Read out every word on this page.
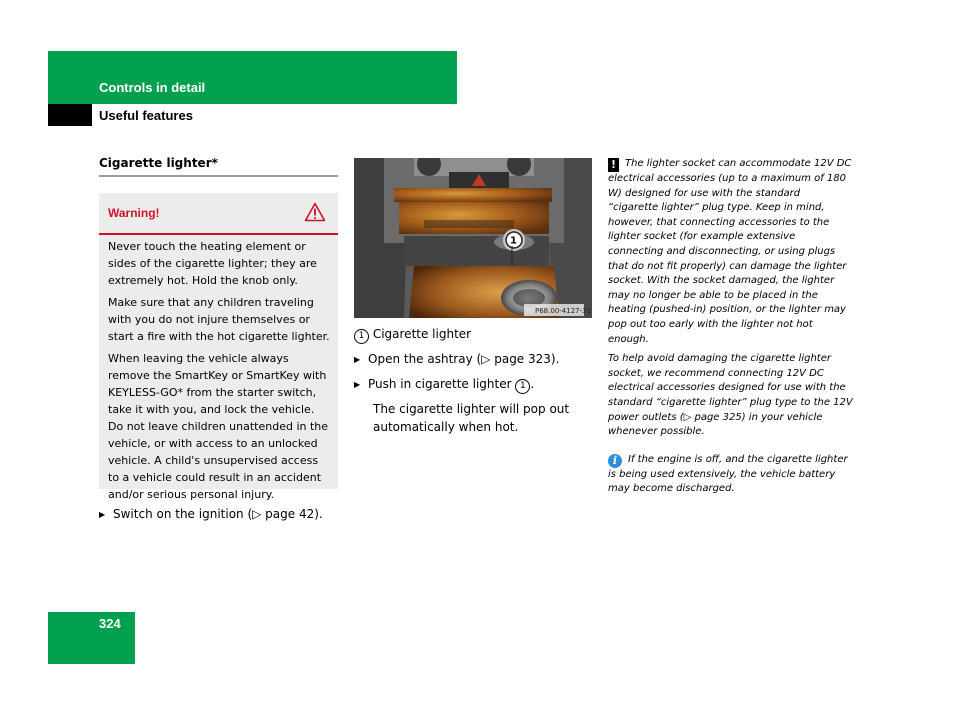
Controls in detail
Useful features
Cigarette lighter*
Warning!

Never touch the heating element or sides of the cigarette lighter; they are extremely hot. Hold the knob only.

Make sure that any children traveling with you do not injure themselves or start a fire with the hot cigarette lighter.

When leaving the vehicle always remove the SmartKey or SmartKey with KEYLESS-GO* from the starter switch, take it with you, and lock the vehicle. Do not leave children unattended in the vehicle, or with access to an unlocked vehicle. A child's unsupervised access to a vehicle could result in an accident and/or serious personal injury.

▶ Switch on the ignition (▷ page 42).
P68.00-4127-31
1
1 Cigarette lighter
▶ Open the ashtray (▷ page 323).
▶ Push in cigarette lighter 1 .
The cigarette lighter will pop out automatically when hot.

! The lighter socket can accommodate 12V DC electrical accessories (up to a maximum of 180 W) designed for use with the standard “cigarette lighter” plug type. Keep in mind, however, that connecting accessories to the lighter socket (for example extensive connecting and disconnecting, or using plugs that do not fit properly) can damage the lighter socket. With the socket damaged, the lighter may no longer be able to be placed in the heating (pushed-in) position, or the lighter may pop out too early with the lighter not hot enough.

To help avoid damaging the cigarette lighter socket, we recommend connecting 12V DC electrical accessories designed for use with the standard “cigarette lighter” plug type to the 12V power outlets (▷ page 325) in your vehicle whenever possible.

i If the engine is off, and the cigarette lighter is being used extensively, the vehicle battery may become discharged.

324
